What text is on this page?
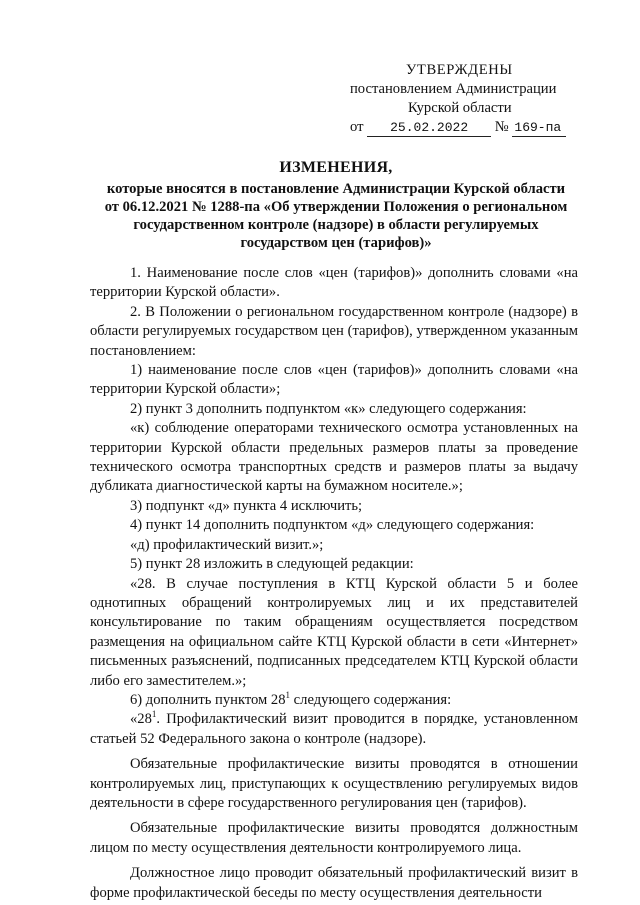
УТВЕРЖДЕНЫ
постановлением Администрации
Курской области
от 25.02.2022 № 169-па
ИЗМЕНЕНИЯ,
которые вносятся в постановление Администрации Курской области
от 06.12.2021 № 1288-па «Об утверждении Положения о региональном
государственном контроле (надзоре) в области регулируемых
государством цен (тарифов)»

1. Наименование после слов «цен (тарифов)» дополнить словами «на территории Курской области».

2. В Положении о региональном государственном контроле (надзоре) в области регулируемых государством цен (тарифов), утвержденном указанным постановлением:

1) наименование после слов «цен (тарифов)» дополнить словами «на территории Курской области»;

2) пункт 3 дополнить подпунктом «к» следующего содержания:

«к) соблюдение операторами технического осмотра установленных на территории Курской области предельных размеров платы за проведение технического осмотра транспортных средств и размеров платы за выдачу дубликата диагностической карты на бумажном носителе.»;

3) подпункт «д» пункта 4 исключить;

4) пункт 14 дополнить подпунктом «д» следующего содержания:

«д) профилактический визит.»;

5) пункт 28 изложить в следующей редакции:

«28. В случае поступления в КТЦ Курской области 5 и более однотипных обращений контролируемых лиц и их представителей консультирование по таким обращениям осуществляется посредством размещения на официальном сайте КТЦ Курской области в сети «Интернет» письменных разъяснений, подписанных председателем КТЦ Курской области либо его заместителем.»;

6) дополнить пунктом $28^1$ следующего содержания:

«$28^1$. Профилактический визит проводится в порядке, установленном статьей 52 Федерального закона о контроле (надзоре).

Обязательные профилактические визиты проводятся в отношении контролируемых лиц, приступающих к осуществлению регулируемых видов деятельности в сфере государственного регулирования цен (тарифов).

Обязательные профилактические визиты проводятся должностным лицом по месту осуществления деятельности контролируемого лица.

Должностное лицо проводит обязательный профилактический визит в форме профилактической беседы по месту осуществления деятельности
